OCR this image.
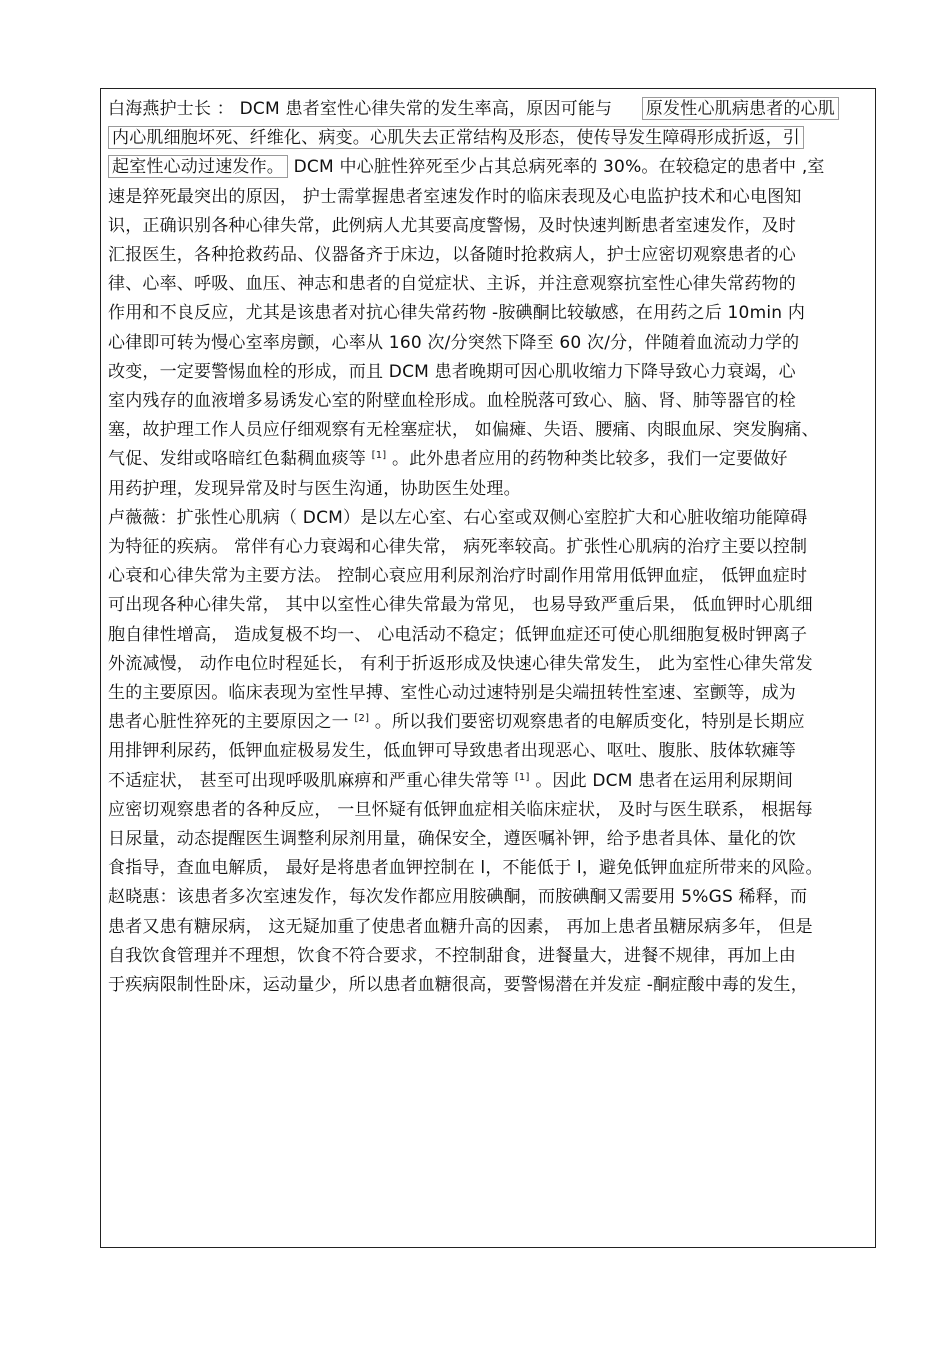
白海燕护士长 ： DCM 患者室性心律失常的发生率高，原因可能与 原发性心肌病患者的心肌
内心肌细胞坏死、纤维化、病变。心肌失去正常结构及形态，使传导发生障碍形成折返，引
起室性心动过速发作。 DCM 中心脏性猝死至少占其总病死率的 30%。在较稳定的患者中 ,室
速是猝死最突出的原因， 护士需掌握患者室速发作时的临床表现及心电监护技术和心电图知
识，正确识别各种心律失常，此例病人尤其要高度警惕，及时快速判断患者室速发作，及时
汇报医生，各种抢救药品、仪器备齐于床边，以备随时抢救病人，护士应密切观察患者的心
律、心率、呼吸、血压、神志和患者的自觉症状、主诉，并注意观察抗室性心律失常药物的
作用和不良反应，尤其是该患者对抗心律失常药物 -胺碘酮比较敏感，在用药之后 10min 内
心律即可转为慢心室率房颤，心率从 160 次/分突然下降至 60 次/分，伴随着血流动力学的
改变，一定要警惕血栓的形成，而且 DCM 患者晚期可因心肌收缩力下降导致心力衰竭，心
室内残存的血液增多易诱发心室的附壁血栓形成。血栓脱落可致心、脑、肾、肺等器官的栓
塞，故护理工作人员应仔细观察有无栓塞症状， 如偏瘫、失语、腰痛、肉眼血尿、突发胸痛、
气促、发绀或咯暗红色黏稠血痰等 [1] 。此外患者应用的药物种类比较多，我们一定要做好
用药护理，发现异常及时与医生沟通，协助医生处理。
卢薇薇：扩张性心肌病（ DCM）是以左心室、右心室或双侧心室腔扩大和心脏收缩功能障碍
为特征的疾病。 常伴有心力衰竭和心律失常， 病死率较高。扩张性心肌病的治疗主要以控制
心衰和心律失常为主要方法。 控制心衰应用利尿剂治疗时副作用常用低钾血症， 低钾血症时
可出现各种心律失常， 其中以室性心律失常最为常见， 也易导致严重后果， 低血钾时心肌细
胞自律性增高， 造成复极不均一、 心电活动不稳定；低钾血症还可使心肌细胞复极时钾离子
外流减慢， 动作电位时程延长， 有利于折返形成及快速心律失常发生， 此为室性心律失常发
生的主要原因。临床表现为室性早搏、室性心动过速特别是尖端扭转性室速、室颤等，成为
患者心脏性猝死的主要原因之一 [2] 。所以我们要密切观察患者的电解质变化，特别是长期应
用排钾利尿药，低钾血症极易发生，低血钾可导致患者出现恶心、呕吐、腹胀、肢体软瘫等
不适症状， 甚至可出现呼吸肌麻痹和严重心律失常等 [1] 。因此 DCM 患者在运用利尿期间
应密切观察患者的各种反应， 一旦怀疑有低钾血症相关临床症状， 及时与医生联系， 根据每
日尿量，动态提醒医生调整利尿剂用量，确保安全，遵医嘱补钾，给予患者具体、量化的饮
食指导，查血电解质， 最好是将患者血钾控制在 l，不能低于 l，避免低钾血症所带来的风险。
赵晓惠：该患者多次室速发作，每次发作都应用胺碘酮，而胺碘酮又需要用 5%GS 稀释，而
患者又患有糖尿病， 这无疑加重了使患者血糖升高的因素， 再加上患者虽糖尿病多年， 但是
自我饮食管理并不理想，饮食不符合要求，不控制甜食，进餐量大，进餐不规律，再加上由
于疾病限制性卧床，运动量少，所以患者血糖很高，要警惕潜在并发症 -酮症酸中毒的发生，
